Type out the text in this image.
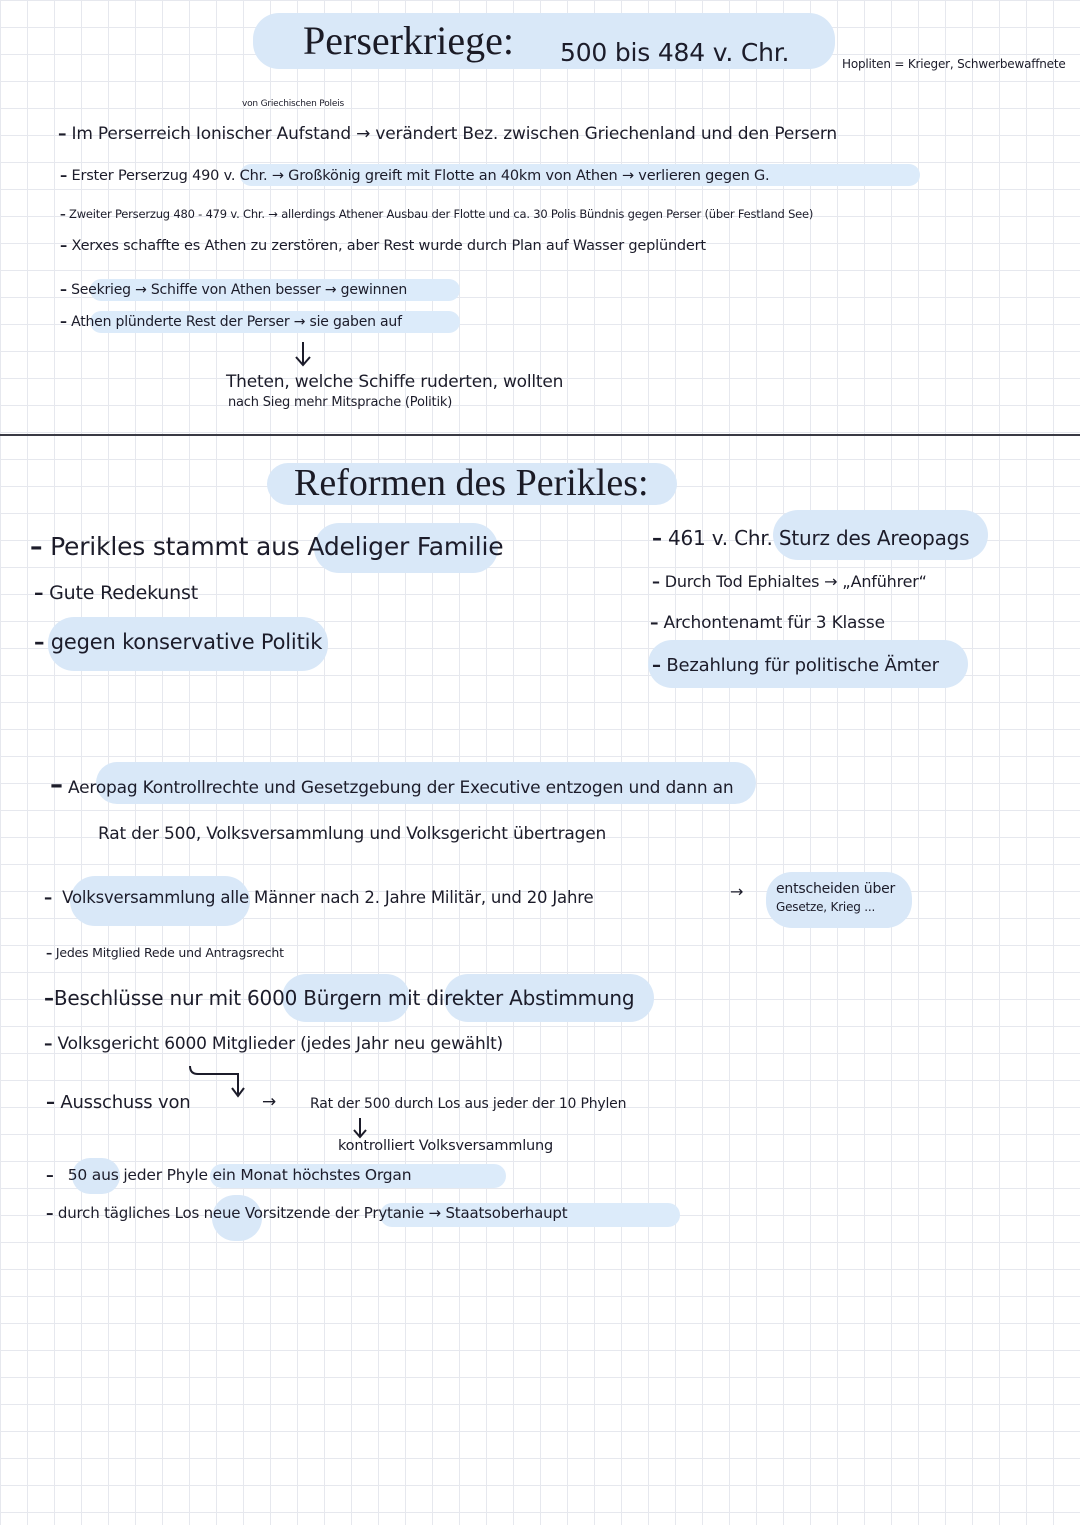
Perserkriege: 500 bis 484 v. Chr.	Hopliten = Krieger, Schwerbewaffnete
von Griechischen Poleis
– Im Perserreich Ionischer Aufstand → verändert Bez. zwischen Griechenland und den Persern
– Erster Perserzug 490 v. Chr. → Großkönig greift mit Flotte an 40km von Athen → verlieren gegen G.
– Zweiter Perserzug 480 - 479 v. Chr. → allerdings Athener Ausbau der Flotte und ca. 30 Polis Bündnis gegen Perser (über Festland See)
– Xerxes schaffte es Athen zu zerstören, aber Rest wurde durch Plan auf Wasser geplündert
– Seekrieg → Schiffe von Athen besser → gewinnen
– Athen plünderte Rest der Perser → sie gaben auf
Theten, welche Schiffe ruderten, wollten
nach Sieg mehr Mitsprache (Politik)
Reformen des Perikles:
– Perikles stammt aus Adeliger Familie
– Gute Redekunst
– gegen konservative Politik
– 461 v. Chr. Sturz des Areopags
– Durch Tod Ephialtes → „Anführer“
– Archontenamt für 3 Klasse
– Bezahlung für politische Ämter
– Aeropag Kontrollrechte und Gesetzgebung der Executive entzogen und dann an
Rat der 500, Volksversammlung und Volksgericht übertragen
– Volksversammlung alle Männer nach 2. Jahre Militär, und 20 Jahre	→ entscheiden über
Gesetze, Krieg ...
– Jedes Mitglied Rede und Antragsrecht
–Beschlüsse nur mit 6000 Bürgern mit direkter Abstimmung
– Volksgericht 6000 Mitglieder (jedes Jahr neu gewählt)
– Ausschuss von	→ Rat der 500 durch Los aus jeder der 10 Phylen
kontrolliert Volksversammlung
– 50 aus jeder Phyle ein Monat höchstes Organ
– durch tägliches Los neue Vorsitzende der Prytanie → Staatsoberhaupt
